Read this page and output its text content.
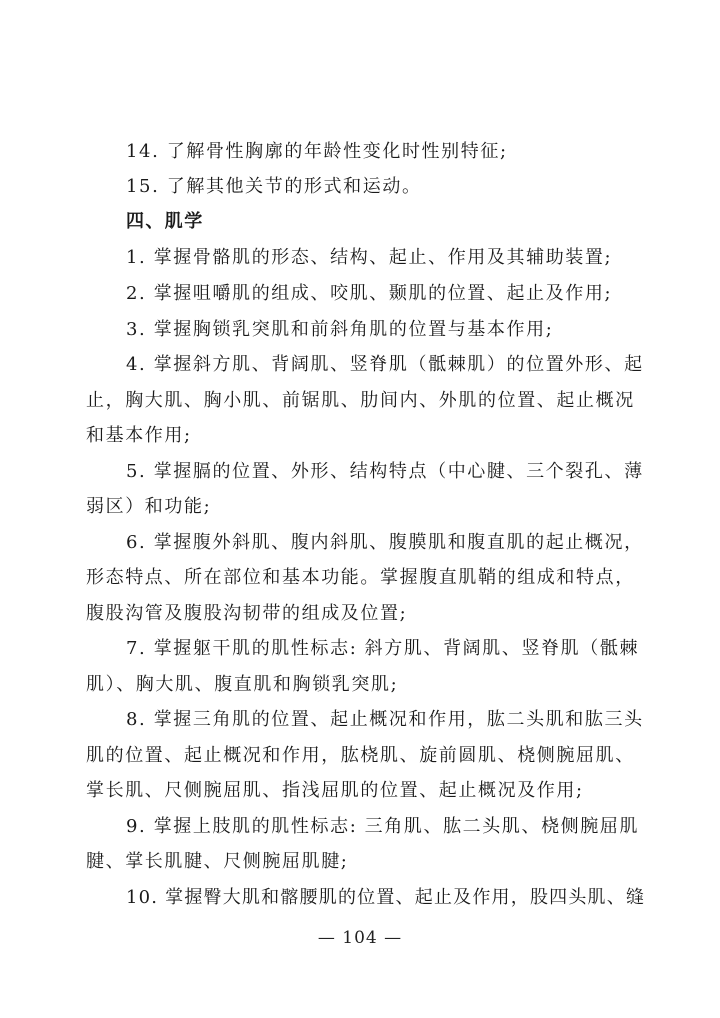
14. 了解骨性胸廓的年龄性变化时性别特征;
15. 了解其他关节的形式和运动。
四、肌学
1. 掌握骨骼肌的形态、结构、起止、作用及其辅助装置;
2. 掌握咀嚼肌的组成、咬肌、颞肌的位置、起止及作用;
3. 掌握胸锁乳突肌和前斜角肌的位置与基本作用;
4. 掌握斜方肌、背阔肌、竖脊肌（骶棘肌）的位置外形、起
止，胸大肌、胸小肌、前锯肌、肋间内、外肌的位置、起止概况
和基本作用;
5. 掌握膈的位置、外形、结构特点（中心腱、三个裂孔、薄
弱区）和功能;
6. 掌握腹外斜肌、腹内斜肌、腹膜肌和腹直肌的起止概况，
形态特点、所在部位和基本功能。掌握腹直肌鞘的组成和特点，
腹股沟管及腹股沟韧带的组成及位置;
7. 掌握躯干肌的肌性标志: 斜方肌、背阔肌、竖脊肌（骶棘
肌）、胸大肌、腹直肌和胸锁乳突肌;
8. 掌握三角肌的位置、起止概况和作用，肱二头肌和肱三头
肌的位置、起止概况和作用，肱桡肌、旋前圆肌、桡侧腕屈肌、
掌长肌、尺侧腕屈肌、指浅屈肌的位置、起止概况及作用;
9. 掌握上肢肌的肌性标志: 三角肌、肱二头肌、桡侧腕屈肌
腱、掌长肌腱、尺侧腕屈肌腱;
10. 掌握臀大肌和髂腰肌的位置、起止及作用，股四头肌、缝
— 104 —
